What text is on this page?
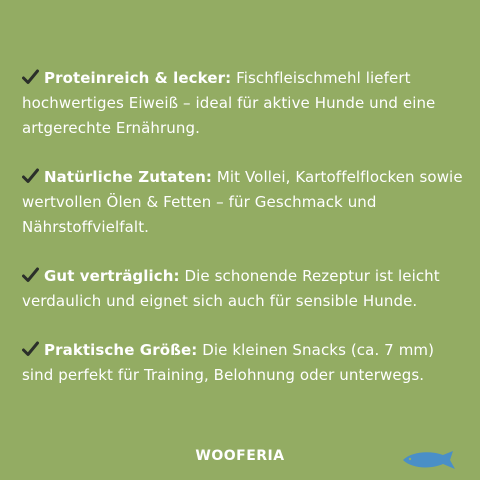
Proteinreich & lecker: Fischfleischmehl liefert hochwertiges Eiweiß – ideal für aktive Hunde und eine artgerechte Ernährung.

Natürliche Zutaten: Mit Vollei, Kartoffelflocken sowie wertvollen Ölen & Fetten – für Geschmack und Nährstoffvielfalt.

Gut verträglich: Die schonende Rezeptur ist leicht verdaulich und eignet sich auch für sensible Hunde.

Praktische Größe: Die kleinen Snacks (ca. 7 mm) sind perfekt für Training, Belohnung oder unterwegs.

WOOFERIA
